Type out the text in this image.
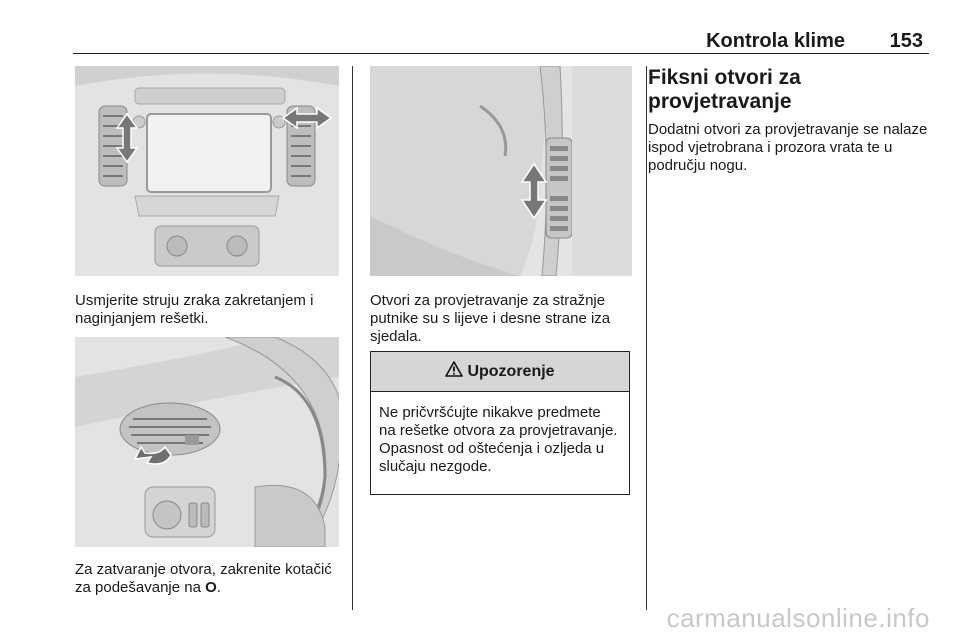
Kontrola klime 153
Usmjerite struju zraka zakretanjem i naginjanjem rešetki.
Za zatvaranje otvora, zakrenite kotačić za podešavanje na O.
Otvori za provjetravanje za stražnje putnike su s lijeve i desne strane iza sjedala.
Upozorenje
Ne pričvršćujte nikakve predmete na rešetke otvora za provjetravanje. Opasnost od oštećenja i ozljeda u slučaju nezgode.
Fiksni otvori za provjetravanje
Dodatni otvori za provjetravanje se nalaze ispod vjetrobrana i prozora vrata te u području nogu.
carmanualsonline.info
